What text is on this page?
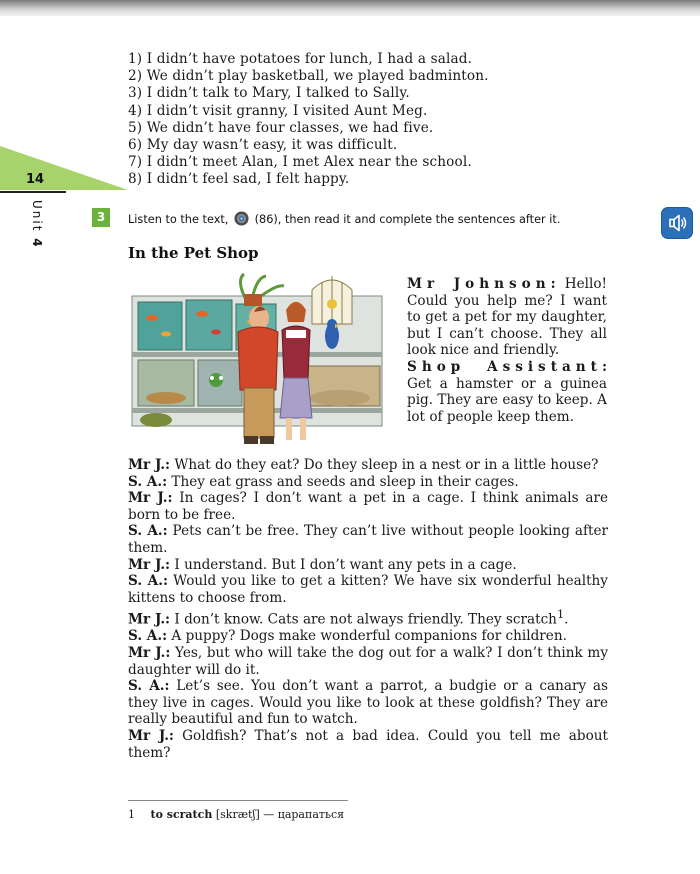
1) I didn’t have potatoes for lunch, I had a salad.
2) We didn’t play basketball, we played badminton.
3) I didn’t talk to Mary, I talked to Sally.
4) I didn’t visit granny, I visited Aunt Meg.
5) We didn’t have four classes, we had five.
6) My day wasn’t easy, it was difficult.
7) I didn’t meet Alan, I met Alex near the school.
8) I didn’t feel sad, I felt happy.
14
Unit 4
3	Listen to the text, (86), then read it and complete the sentences after it.
In the Pet Shop
Mr Johnson: Hello! Could you help me? I want to get a pet for my daughter, but I can’t choose. They all look nice and friendly.
Shop Assistant: Get a hamster or a guinea pig. They are easy to keep. A lot of people keep them.

Mr J.: What do they eat? Do they sleep in a nest or in a little house?

S. A.: They eat grass and seeds and sleep in their cages.

Mr J.: In cages? I don’t want a pet in a cage. I think animals are born to be free.

S. A.: Pets can’t be free. They can’t live without people looking after them.

Mr J.: I understand. But I don’t want any pets in a cage.

S. A.: Would you like to get a kitten? We have six wonderful healthy kittens to choose from.

Mr J.: I don’t know. Cats are not always friendly. They scratch$^1$.

S. A.: A puppy? Dogs make wonderful companions for children.

Mr J.: Yes, but who will take the dog out for a walk? I don’t think my daughter will do it.

S. A.: Let’s see. You don’t want a parrot, a budgie or a canary as they live in cages. Would you like to look at these goldfish? They are really beautiful and fun to watch.

Mr J.: Goldfish? That’s not a bad idea. Could you tell me about them?

1 to scratch [skrætʃ] — царапаться
